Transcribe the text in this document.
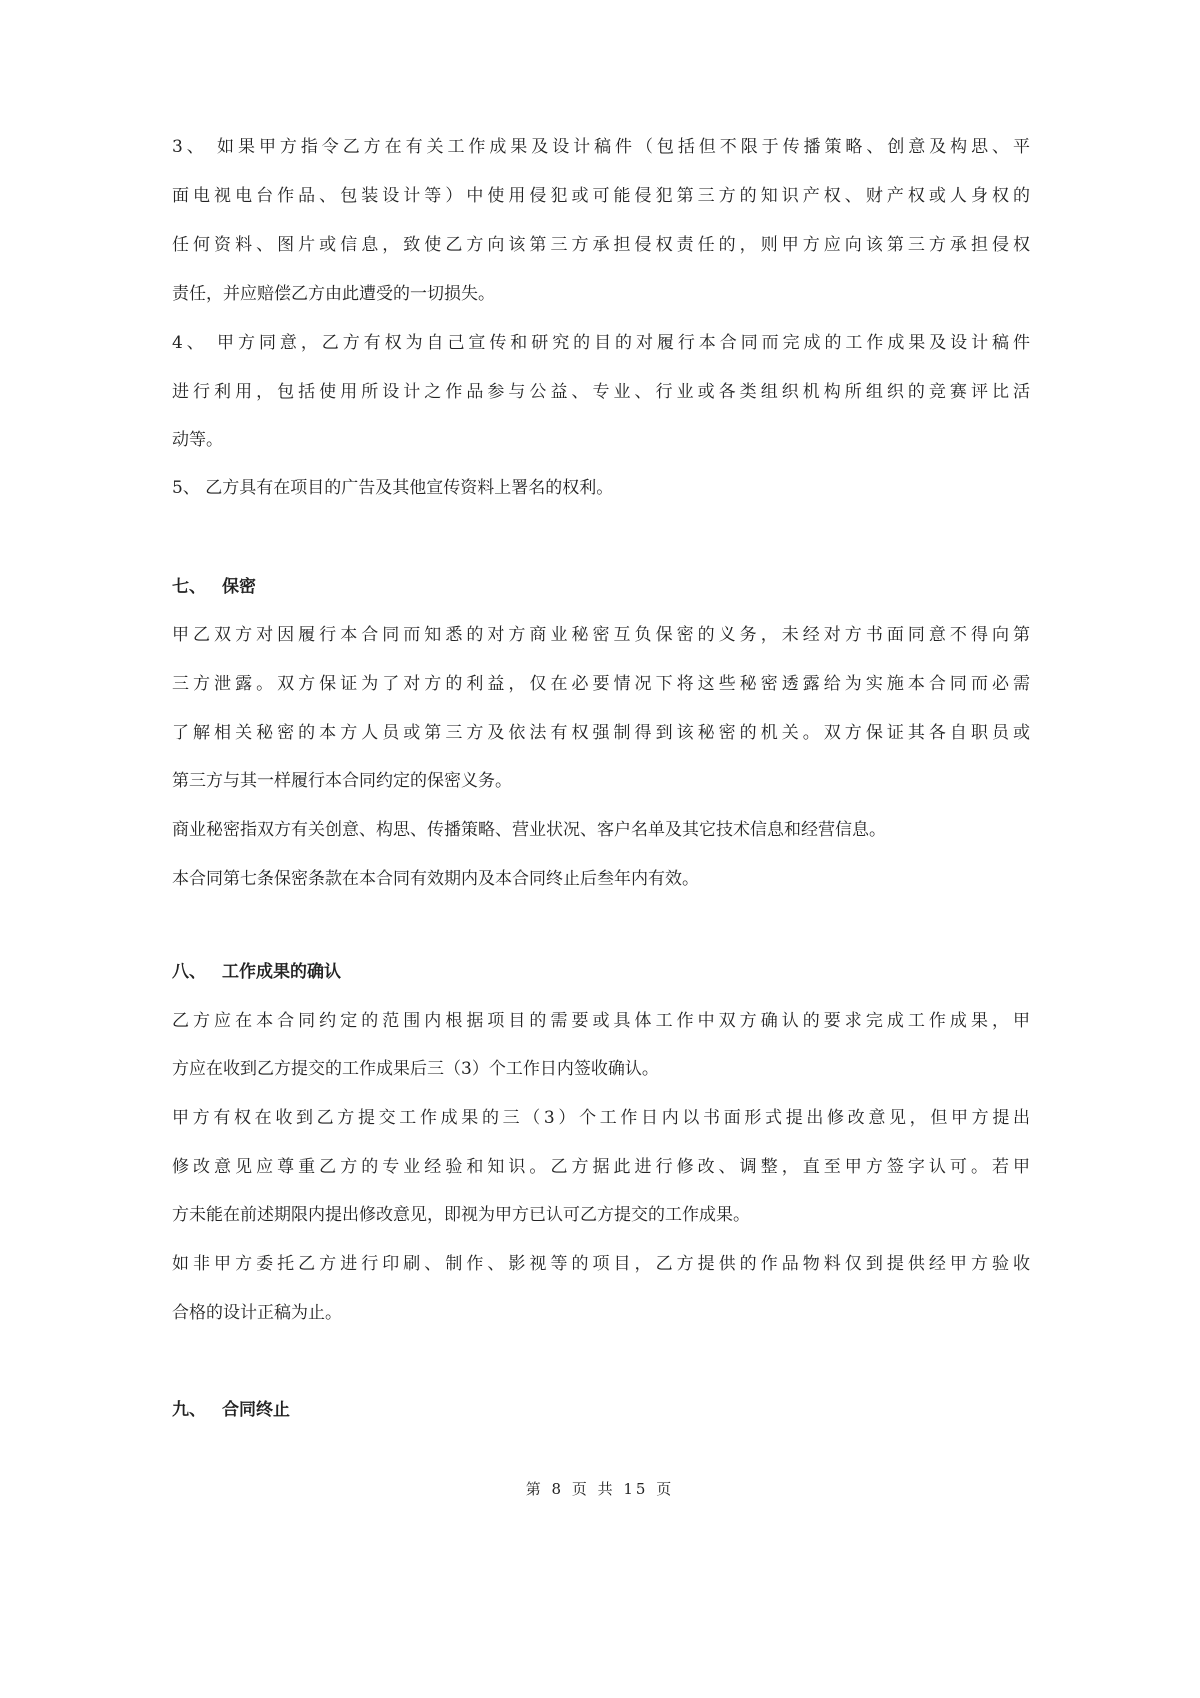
3、 如果甲方指令乙方在有关工作成果及设计稿件（包括但不限于传播策略、创意及构思、平
面电视电台作品、包装设计等）中使用侵犯或可能侵犯第三方的知识产权、财产权或人身权的
任何资料、图片或信息，致使乙方向该第三方承担侵权责任的，则甲方应向该第三方承担侵权
责任，并应赔偿乙方由此遭受的一切损失。
4、 甲方同意，乙方有权为自己宣传和研究的目的对履行本合同而完成的工作成果及设计稿件
进行利用，包括使用所设计之作品参与公益、专业、行业或各类组织机构所组织的竞赛评比活
动等。
5、 乙方具有在项目的广告及其他宣传资料上署名的权利。
七、 保密
甲乙双方对因履行本合同而知悉的对方商业秘密互负保密的义务，未经对方书面同意不得向第
三方泄露。双方保证为了对方的利益，仅在必要情况下将这些秘密透露给为实施本合同而必需
了解相关秘密的本方人员或第三方及依法有权强制得到该秘密的机关。双方保证其各自职员或
第三方与其一样履行本合同约定的保密义务。
商业秘密指双方有关创意、构思、传播策略、营业状况、客户名单及其它技术信息和经营信息。
本合同第七条保密条款在本合同有效期内及本合同终止后叁年内有效。
八、 工作成果的确认
乙方应在本合同约定的范围内根据项目的需要或具体工作中双方确认的要求完成工作成果，甲
方应在收到乙方提交的工作成果后三（3）个工作日内签收确认。
甲方有权在收到乙方提交工作成果的三（3）个工作日内以书面形式提出修改意见，但甲方提出
修改意见应尊重乙方的专业经验和知识。乙方据此进行修改、调整，直至甲方签字认可。若甲
方未能在前述期限内提出修改意见，即视为甲方已认可乙方提交的工作成果。
如非甲方委托乙方进行印刷、制作、影视等的项目，乙方提供的作品物料仅到提供经甲方验收
合格的设计正稿为止。
九、 合同终止
第 8 页 共 15 页
